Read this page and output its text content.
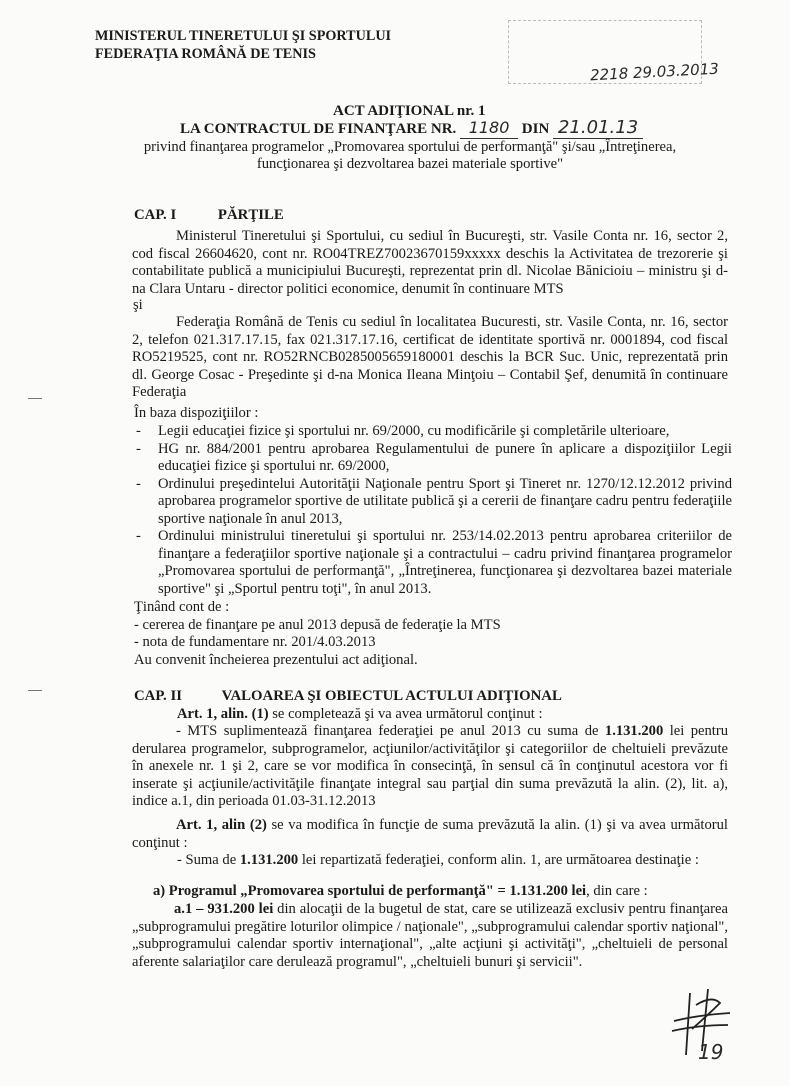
MINISTERUL TINERETULUI ŞI SPORTULUI
FEDERAŢIA ROMÂNĂ DE TENIS
2218 29.03.2013
ACT ADIŢIONAL nr. 1
LA CONTRACTUL DE FINANŢARE NR. 1180 DIN 21.01.13
privind finanţarea programelor „Promovarea sportului de performanţă" şi/sau „Întreţinerea, funcţionarea şi dezvoltarea bazei materiale sportive"
CAP. I	PĂRŢILE
Ministerul Tineretului şi Sportului, cu sediul în Bucureşti, str. Vasile Conta nr. 16, sector 2, cod fiscal 26604620, cont nr. RO04TREZ70023670159xxxxx deschis la Activitatea de trezorerie şi contabilitate publică a municipiului Bucureşti, reprezentat prin dl. Nicolae Bănicioiu – ministru şi d-na Clara Untaru - director politici economice, denumit în continuare MTS
şi
Federaţia Română de Tenis cu sediul în localitatea Bucuresti, str. Vasile Conta, nr. 16, sector 2, telefon 021.317.17.15, fax 021.317.17.16, certificat de identitate sportivă nr. 0001894, cod fiscal RO5219525, cont nr. RO52RNCB0285005659180001 deschis la BCR Suc. Unic, reprezentată prin dl. George Cosac - Preşedinte şi d-na Monica Ileana Minţoiu – Contabil Şef, denumită în continuare Federaţia
În baza dispoziţiilor :
- Legii educaţiei fizice şi sportului nr. 69/2000, cu modificările şi completările ulterioare,
- HG nr. 884/2001 pentru aprobarea Regulamentului de punere în aplicare a dispoziţiilor Legii educaţiei fizice şi sportului nr. 69/2000,
- Ordinului preşedintelui Autorităţii Naţionale pentru Sport şi Tineret nr. 1270/12.12.2012 privind aprobarea programelor sportive de utilitate publică şi a cererii de finanţare cadru pentru federaţiile sportive naţionale în anul 2013,
- Ordinului ministrului tineretului şi sportului nr. 253/14.02.2013 pentru aprobarea criteriilor de finanţare a federaţiilor sportive naţionale şi a contractului – cadru privind finanţarea programelor „Promovarea sportului de performanţă", „Întreţinerea, funcţionarea şi dezvoltarea bazei materiale sportive" şi „Sportul pentru toţi", în anul 2013.
Ţinând cont de :
- cererea de finanţare pe anul 2013 depusă de federaţie la MTS
- nota de fundamentare nr. 201/4.03.2013
Au convenit încheierea prezentului act adiţional.
CAP. II	VALOAREA ŞI OBIECTUL ACTULUI ADIŢIONAL
Art. 1, alin. (1) se completează şi va avea următorul conţinut :
- MTS suplimentează finanţarea federaţiei pe anul 2013 cu suma de 1.131.200 lei pentru derularea programelor, subprogramelor, acţiunilor/activităţilor şi categoriilor de cheltuieli prevăzute în anexele nr. 1 şi 2, care se vor modifica în consecinţă, în sensul că în conţinutul acestora vor fi inserate şi acţiunile/activităţile finanţate integral sau parţial din suma prevăzută la alin. (2), lit. a), indice a.1, din perioada 01.03-31.12.2013
Art. 1, alin (2) se va modifica în funcţie de suma prevăzută la alin. (1) şi va avea următorul conţinut :
- Suma de 1.131.200 lei repartizată federaţiei, conform alin. 1, are următoarea destinaţie :
a) Programul „Promovarea sportului de performanţă" = 1.131.200 lei, din care :
a.1 – 931.200 lei din alocaţii de la bugetul de stat, care se utilizează exclusiv pentru finanţarea „subprogramului pregătire loturilor olimpice / naţionale", „subprogramului calendar sportiv naţional", „subprogramului calendar sportiv internaţional", „alte acţiuni şi activităţi", „cheltuieli de personal aferente salariaţilor care derulează programul", „cheltuieli bunuri şi servicii".
19
